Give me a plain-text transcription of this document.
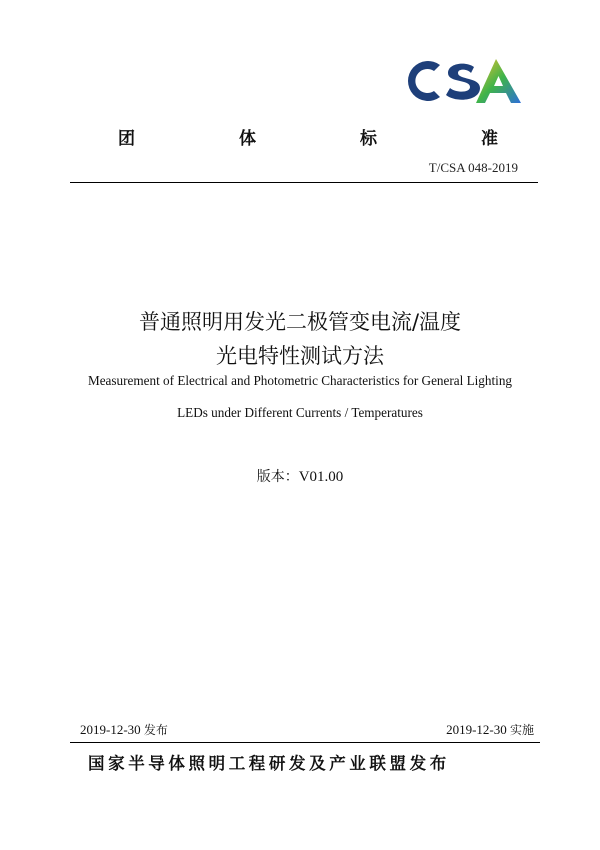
团	体	标	准
T/CSA 048-2019
普通照明用发光二极管变电流/温度
光电特性测试方法
Measurement of Electrical and Photometric Characteristics for General Lighting
LEDs under Different Currents / Temperatures
版本：V01.00
2019-12-30 发布	2019-12-30 实施
国家半导体照明工程研发及产业联盟发布
